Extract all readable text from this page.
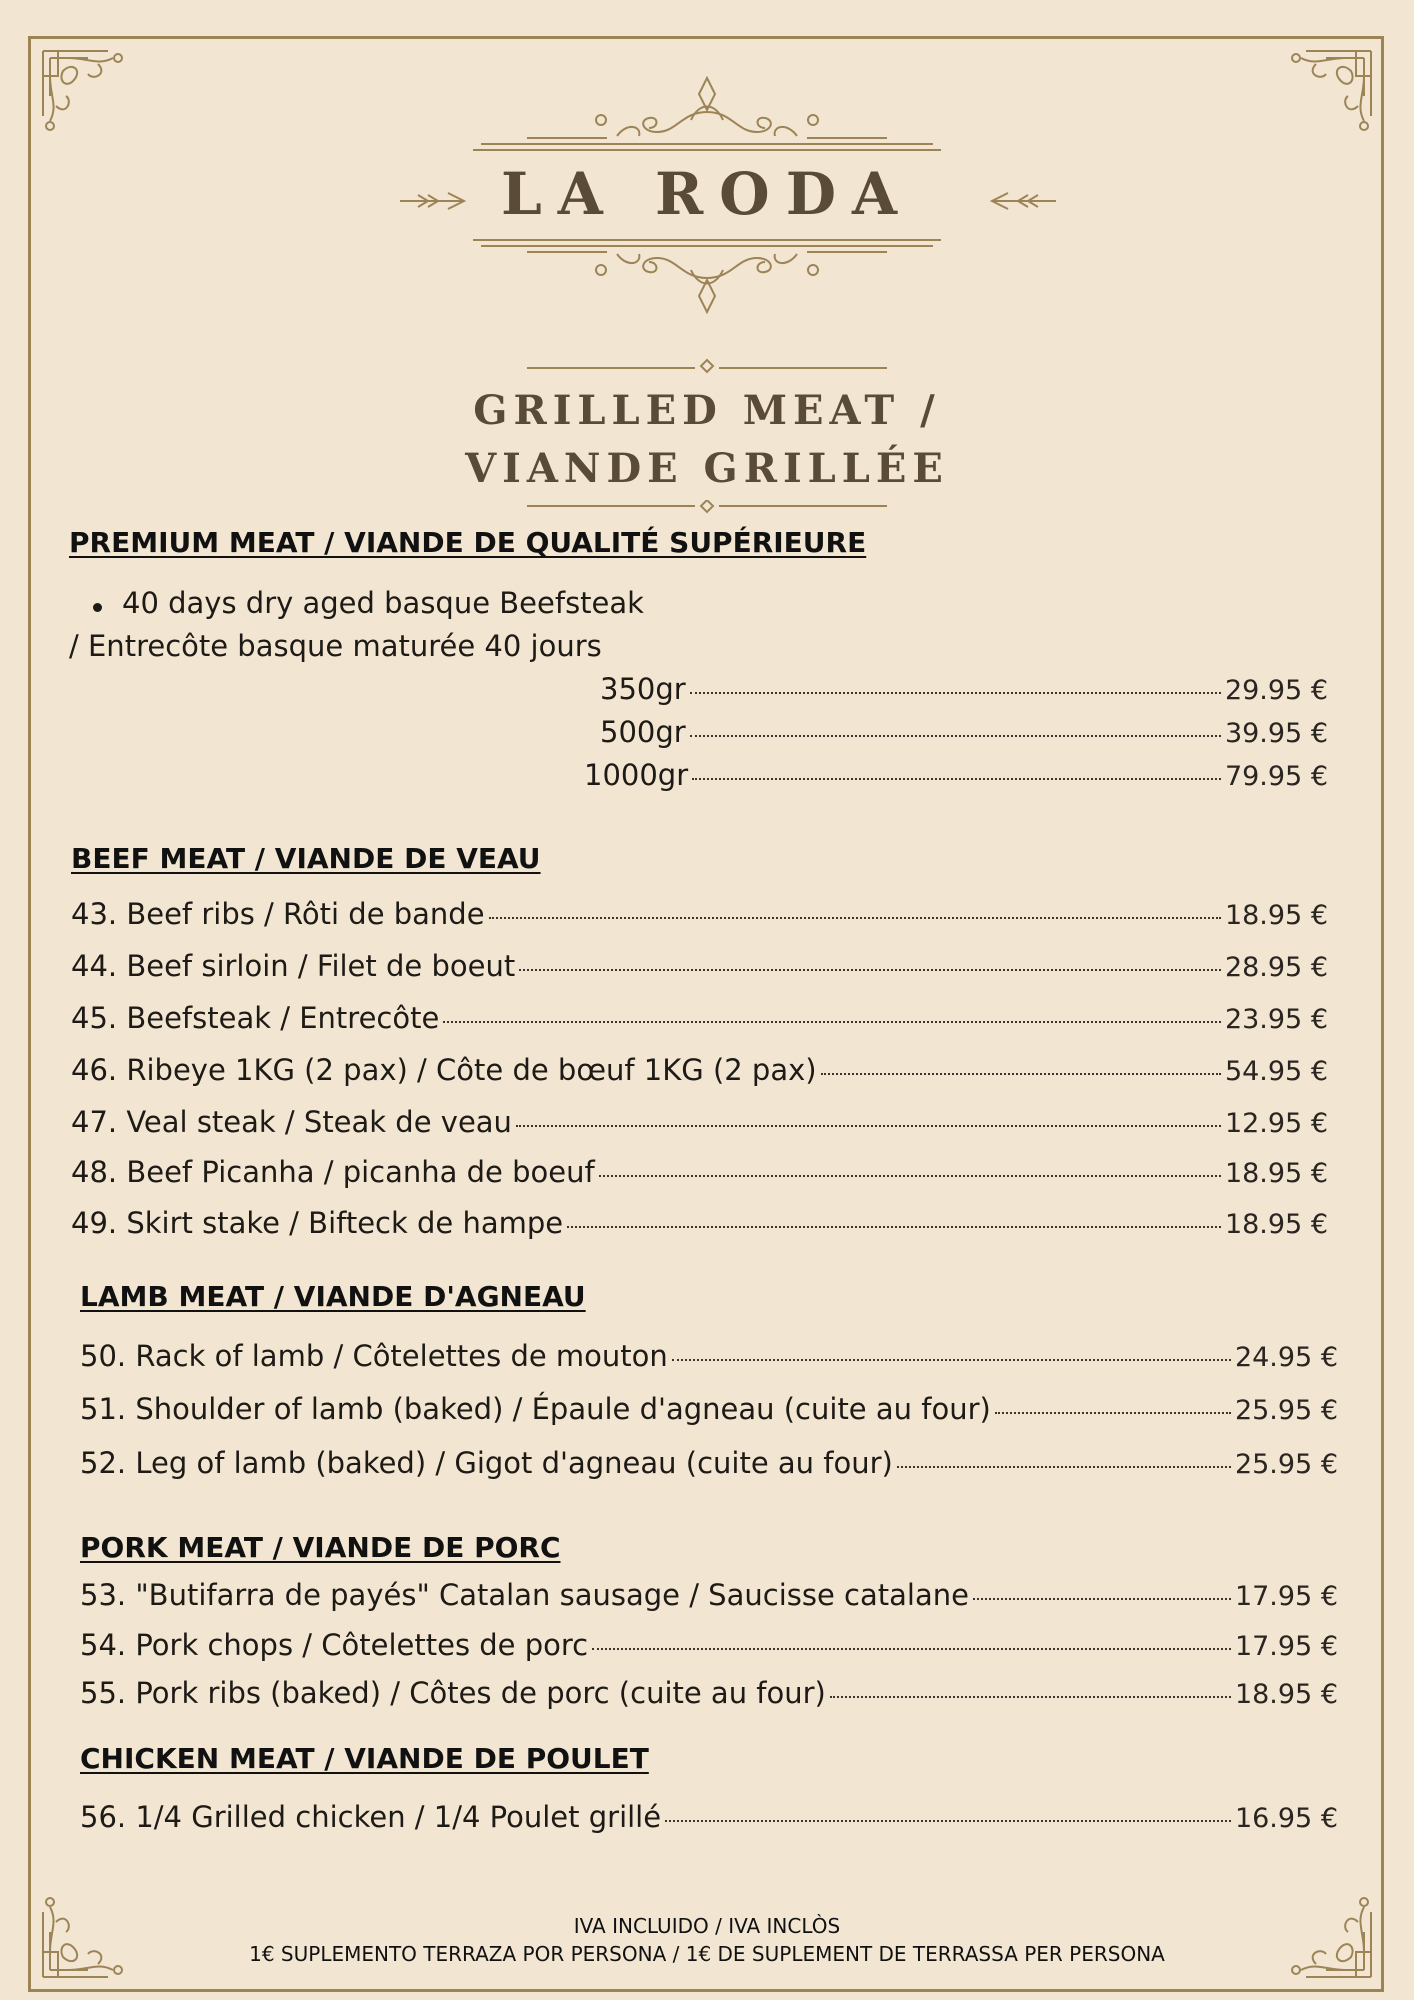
LA RODA
GRILLED MEAT /
VIANDE GRILLÉE
PREMIUM MEAT / VIANDE DE QUALITÉ SUPÉRIEURE
40 days dry aged basque Beefsteak
/ Entrecôte basque maturée 40 jours
350gr	29.95 €
500gr	39.95 €
1000gr	79.95 €
BEEF MEAT / VIANDE DE VEAU
43. Beef ribs / Rôti de bande	18.95 €
44. Beef sirloin / Filet de boeut	28.95 €
45. Beefsteak / Entrecôte	23.95 €
46. Ribeye 1KG (2 pax) / Côte de bœuf 1KG (2 pax)	54.95 €
47. Veal steak / Steak de veau	12.95 €
48. Beef Picanha / picanha de boeuf	18.95 €
49. Skirt stake / Bifteck de hampe	18.95 €
LAMB MEAT / VIANDE D'AGNEAU
50. Rack of lamb / Côtelettes de mouton	24.95 €
51. Shoulder of lamb (baked) / Épaule d'agneau (cuite au four)	25.95 €
52. Leg of lamb (baked) / Gigot d'agneau (cuite au four)	25.95 €
PORK MEAT / VIANDE DE PORC
53. "Butifarra de payés" Catalan sausage / Saucisse catalane	17.95 €
54. Pork chops / Côtelettes de porc	17.95 €
55. Pork ribs (baked) / Côtes de porc (cuite au four)	18.95 €
CHICKEN MEAT / VIANDE DE POULET
56. 1/4 Grilled chicken / 1/4 Poulet grillé	16.95 €
IVA INCLUIDO / IVA INCLÒS
1€ SUPLEMENTO TERRAZA POR PERSONA / 1€ DE SUPLEMENT DE TERRASSA PER PERSONA
